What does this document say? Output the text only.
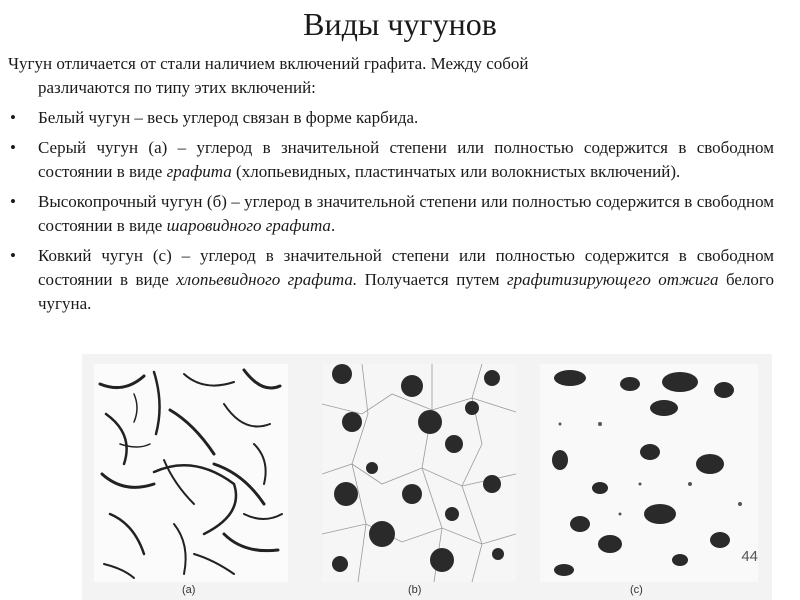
Виды чугунов

Чугун отличается от стали наличием включений графита. Между собой
различаются по типу этих включений:

• Белый чугун – весь углерод связан в форме карбида.
• Серый чугун (а) – углерод в значительной степени или полностью содержится в свободном состоянии в виде графита (хлопьевидных, пластинчатых или волокнистых включений).
• Высокопрочный чугун (б) – углерод в значительной степени или полностью содержится в свободном состоянии в виде шаровидного графита.
• Ковкий чугун (с) – углерод в значительной степени или полностью содержится в свободном состоянии в виде хлопьевидного графита. Получается путем графитизирующего отжига белого чугуна.
(a)	(b)	(c)
44
